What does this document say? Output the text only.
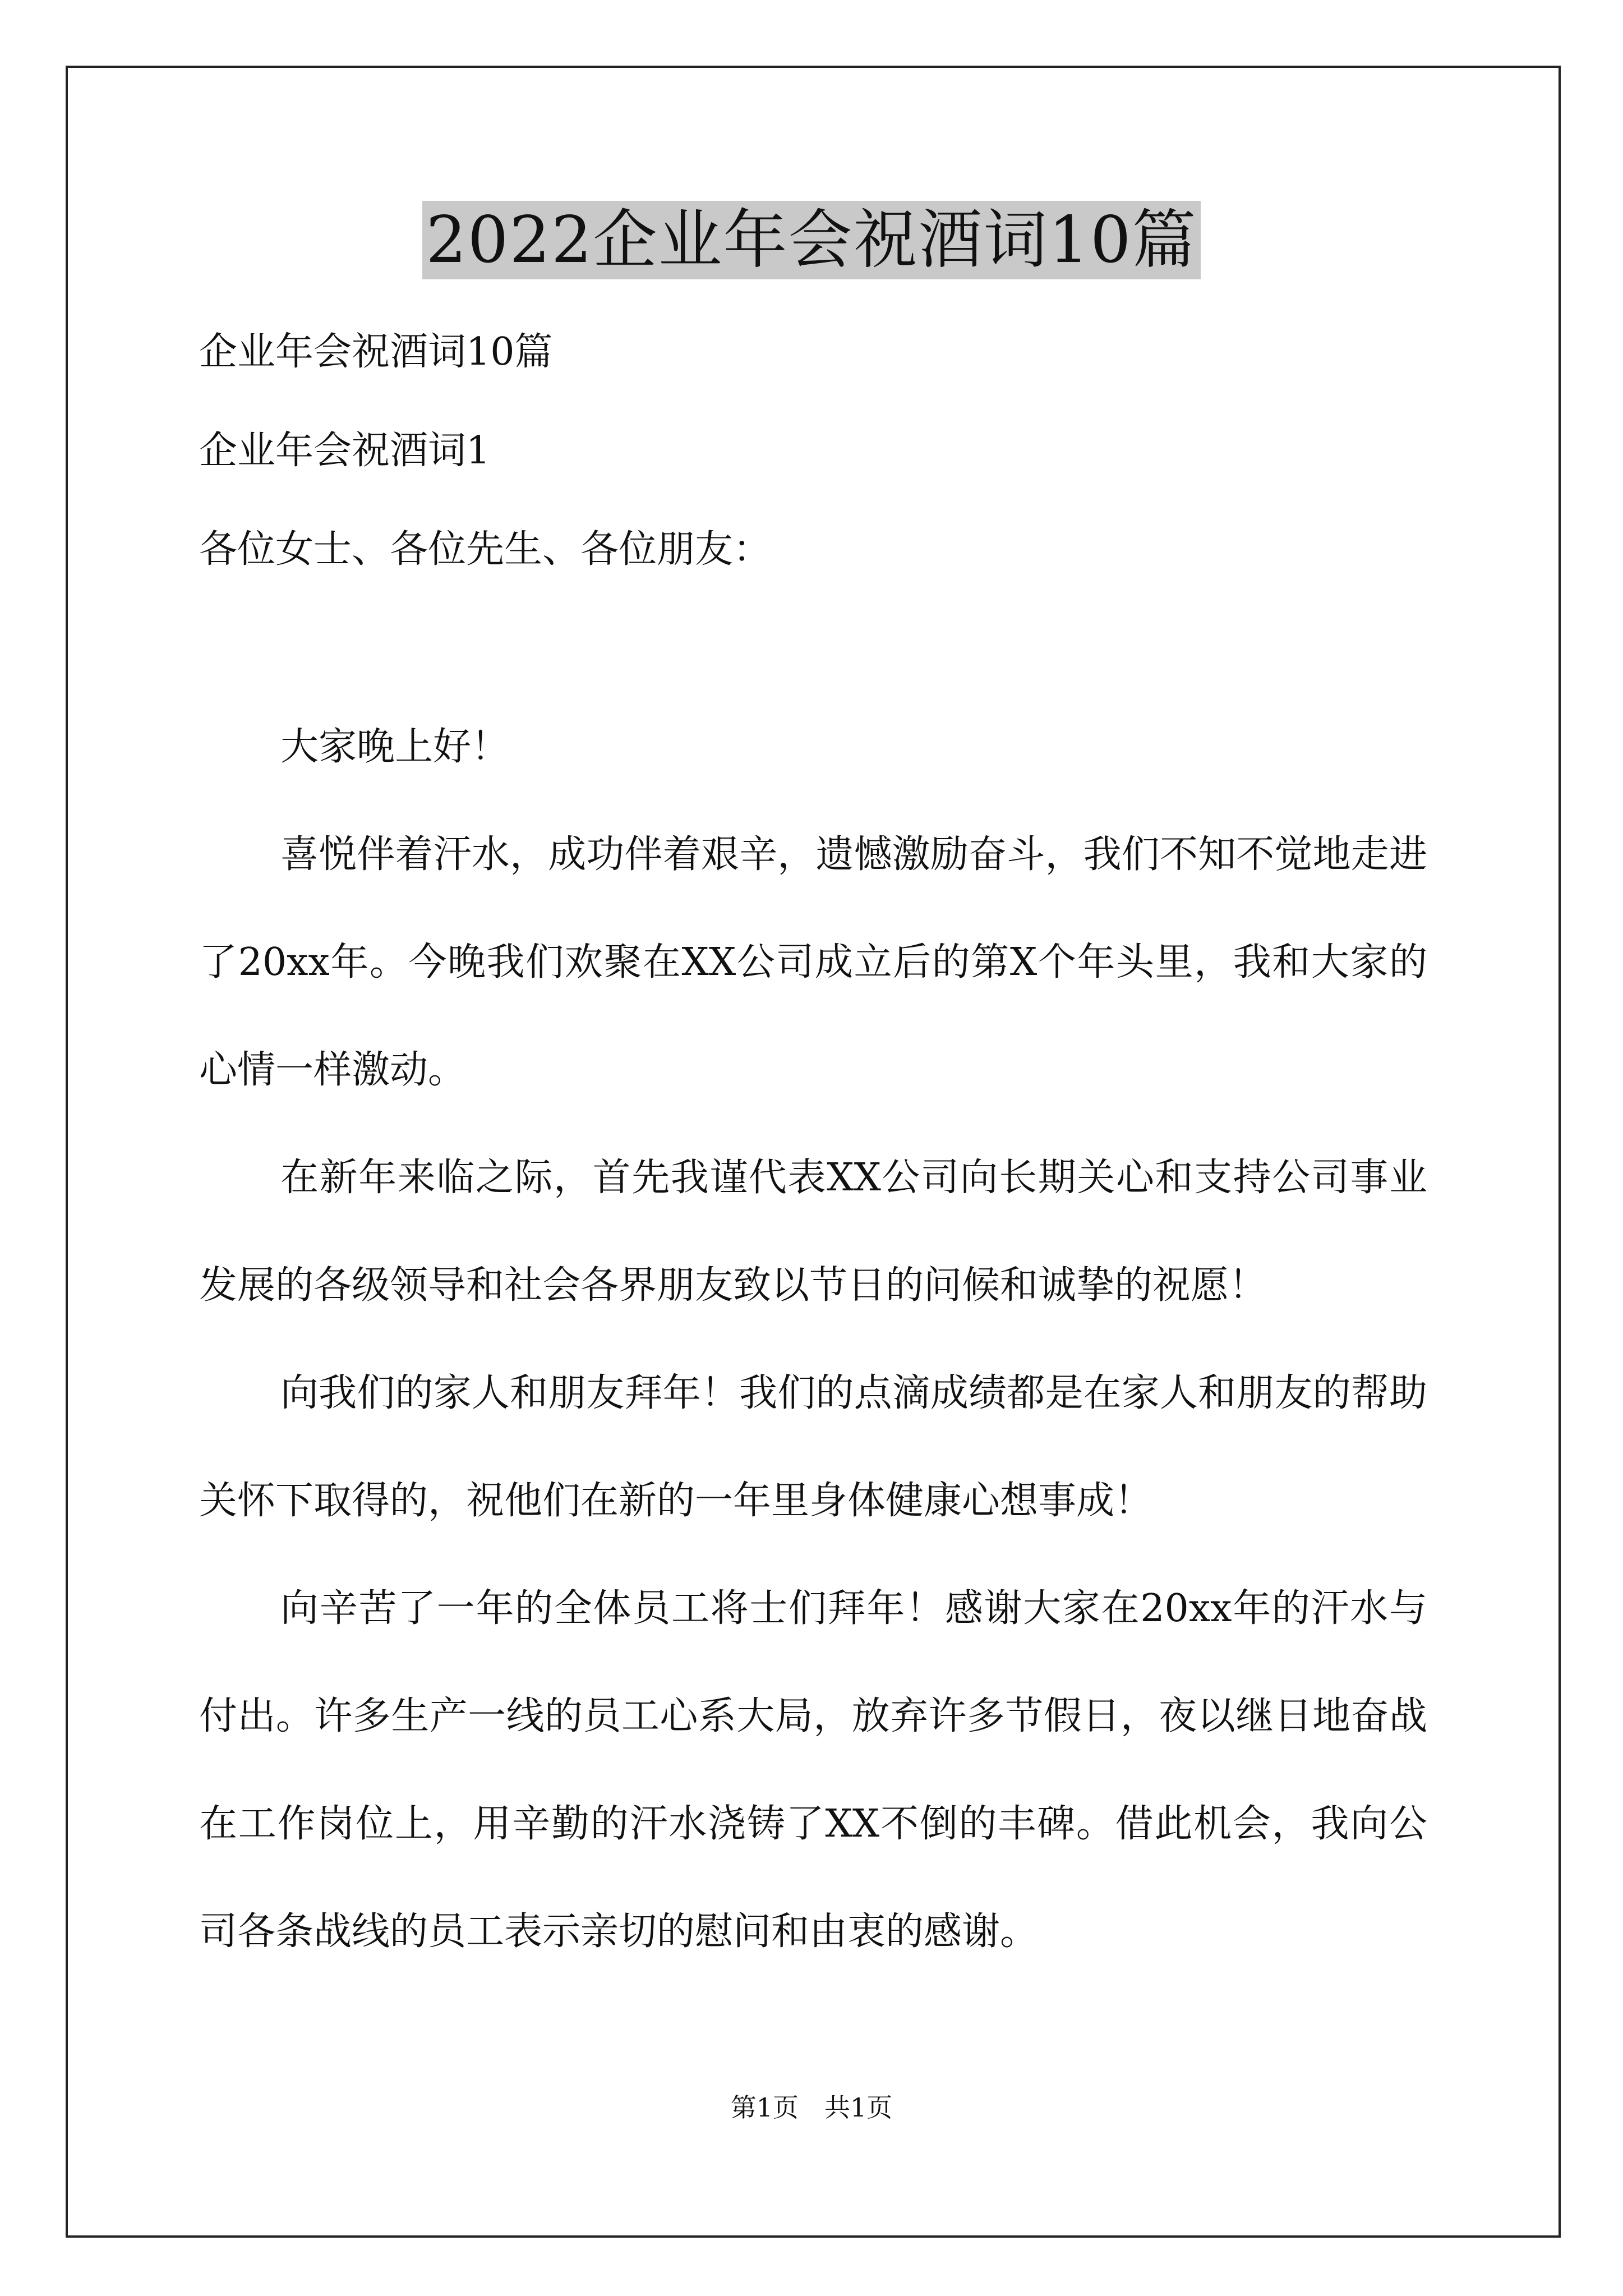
2022企业年会祝酒词10篇

企业年会祝酒词10篇

企业年会祝酒词1

各位女士、各位先生、各位朋友：

大家晚上好！

喜悦伴着汗水，成功伴着艰辛，遗憾激励奋斗，我们不知不觉地走进了20xx年。今晚我们欢聚在XX公司成立后的第X个年头里，我和大家的心情一样激动。

在新年来临之际，首先我谨代表XX公司向长期关心和支持公司事业发展的各级领导和社会各界朋友致以节日的问候和诚挚的祝愿！

向我们的家人和朋友拜年！我们的点滴成绩都是在家人和朋友的帮助关怀下取得的，祝他们在新的一年里身体健康心想事成！

向辛苦了一年的全体员工将士们拜年！感谢大家在20xx年的汗水与付出。许多生产一线的员工心系大局，放弃许多节假日，夜以继日地奋战在工作岗位上，用辛勤的汗水浇铸了XX不倒的丰碑。借此机会，我向公司各条战线的员工表示亲切的慰问和由衷的感谢。

第1页　共1页
